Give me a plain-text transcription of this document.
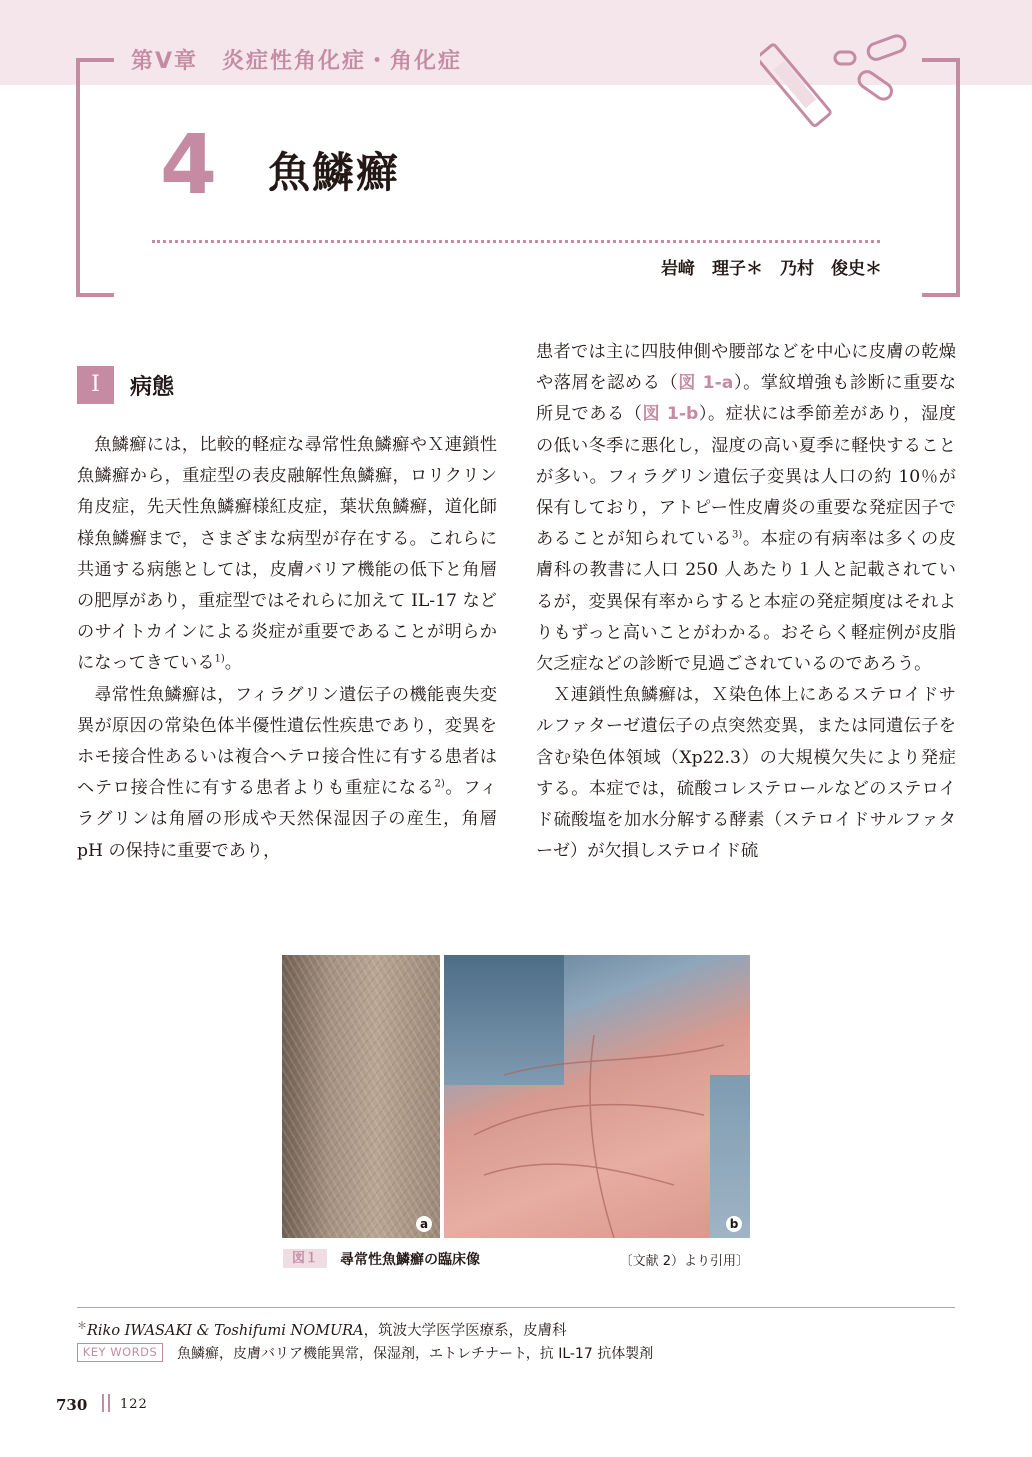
第Ⅴ章　炎症性角化症・角化症
4 魚鱗癬
岩﨑　理子＊　乃村　俊史＊
Ⅰ	病態

魚鱗癬には，比較的軽症な尋常性魚鱗癬やＸ連鎖性魚鱗癬から，重症型の表皮融解性魚鱗癬，ロリクリン角皮症，先天性魚鱗癬様紅皮症，葉状魚鱗癬，道化師様魚鱗癬まで，さまざまな病型が存在する。これらに共通する病態としては，皮膚バリア機能の低下と角層の肥厚があり，重症型ではそれらに加えて IL-17 などのサイトカインによる炎症が重要であることが明らかになってきている$^{1)}$。

尋常性魚鱗癬は，フィラグリン遺伝子の機能喪失変異が原因の常染色体半優性遺伝性疾患であり，変異をホモ接合性あるいは複合ヘテロ接合性に有する患者はヘテロ接合性に有する患者よりも重症になる$^{2)}$。フィラグリンは角層の形成や天然保湿因子の産生，角層 pH の保持に重要であり，

患者では主に四肢伸側や腰部などを中心に皮膚の乾燥や落屑を認める（図 1-a）。掌紋増強も診断に重要な所見である（図 1-b）。症状には季節差があり，湿度の低い冬季に悪化し，湿度の高い夏季に軽快することが多い。フィラグリン遺伝子変異は人口の約 10％が保有しており，アトピー性皮膚炎の重要な発症因子であることが知られている$^{3)}$。本症の有病率は多くの皮膚科の教書に人口 250 人あたり１人と記載されているが，変異保有率からすると本症の発症頻度はそれよりもずっと高いことがわかる。おそらく軽症例が皮脂欠乏症などの診断で見過ごされているのであろう。

Ｘ連鎖性魚鱗癬は，Ｘ染色体上にあるステロイドサルファターゼ遺伝子の点突然変異，または同遺伝子を含む染色体領域（Xp22.3）の大規模欠失により発症する。本症では，硫酸コレステロールなどのステロイド硫酸塩を加水分解する酵素（ステロイドサルファターゼ）が欠損しステロイド硫

a	b
図１	尋常性魚鱗癬の臨床像	〔文献 2）より引用〕
＊Riko IWASAKI & Toshifumi NOMURA，筑波大学医学医療系，皮膚科
KEY WORDS	魚鱗癬，皮膚バリア機能異常，保湿剤，エトレチナート，抗 IL-17 抗体製剤
730	122
